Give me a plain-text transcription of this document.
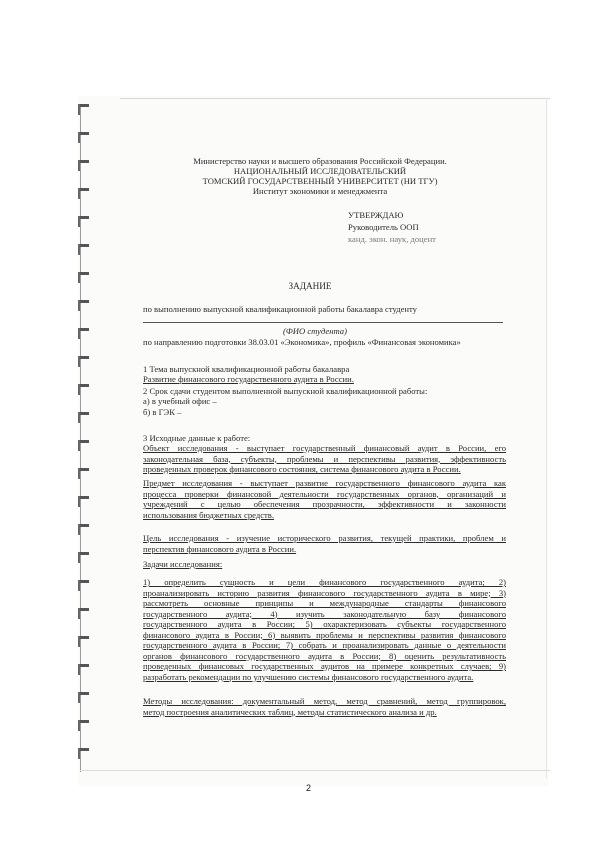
Министерство науки и высшего образования Российской Федерации.
НАЦИОНАЛЬНЫЙ ИССЛЕДОВАТЕЛЬСКИЙ
ТОМСКИЙ ГОСУДАРСТВЕННЫЙ УНИВЕРСИТЕТ (НИ ТГУ)
Институт экономики и менеджмента
УТВЕРЖДАЮ
Руководитель ООП
канд. экон. наук, доцент
ЗАДАНИЕ
по выполнению выпускной квалификационной работы бакалавра студенту
(ФИО студента)
по направлению подготовки 38.03.01 «Экономика», профиль «Финансовая экономика»
1 Тема выпускной квалификационной работы бакалавра
Развитие финансового государственного аудита в России.
2 Срок сдачи студентом выполненной выпускной квалификационной работы:
а) в учебный офис –
б) в ГЭК –
3 Исходные данные к работе:
Объект исследования - выступает государственный финансовый аудит в России, его
законодательная база, субъекты, проблемы и перспективы развития, эффективность
проведенных проверок финансового состояния, система финансового аудита в России.
Предмет исследования - выступает развитие государственного финансового аудита как
процесса проверки финансовой деятельности государственных органов, организаций и
учреждений с целью обеспечения прозрачности, эффективности и законности
использования бюджетных средств.
Цель исследования - изучение исторического развития, текущей практики, проблем и
перспектив финансового аудита в России.
Задачи исследования:
1) определить сущность и цели финансового государственного аудита; 2)
проанализировать историю развития финансового государственного аудита в мире; 3)
рассмотреть основные принципы и международные стандарты финансового
государственного аудита; 4) изучить законодательную базу финансового
государственного аудита в России; 5) охарактеризовать субъекты государственного
финансового аудита в России; 6) выявить проблемы и перспективы развития финансового
государственного аудита в России; 7) собрать и проанализировать данные о деятельности
органов финансового государственного аудита в России; 8) оценить результативность
проведенных финансовых государственных аудитов на примере конкретных случаев; 9)
разработать рекомендации по улучшению системы финансового государственного аудита.
Методы исследования: документальный метод, метод сравнений, метод группировок,
метод построения аналитических таблиц, методы статистического анализа и др.
2
